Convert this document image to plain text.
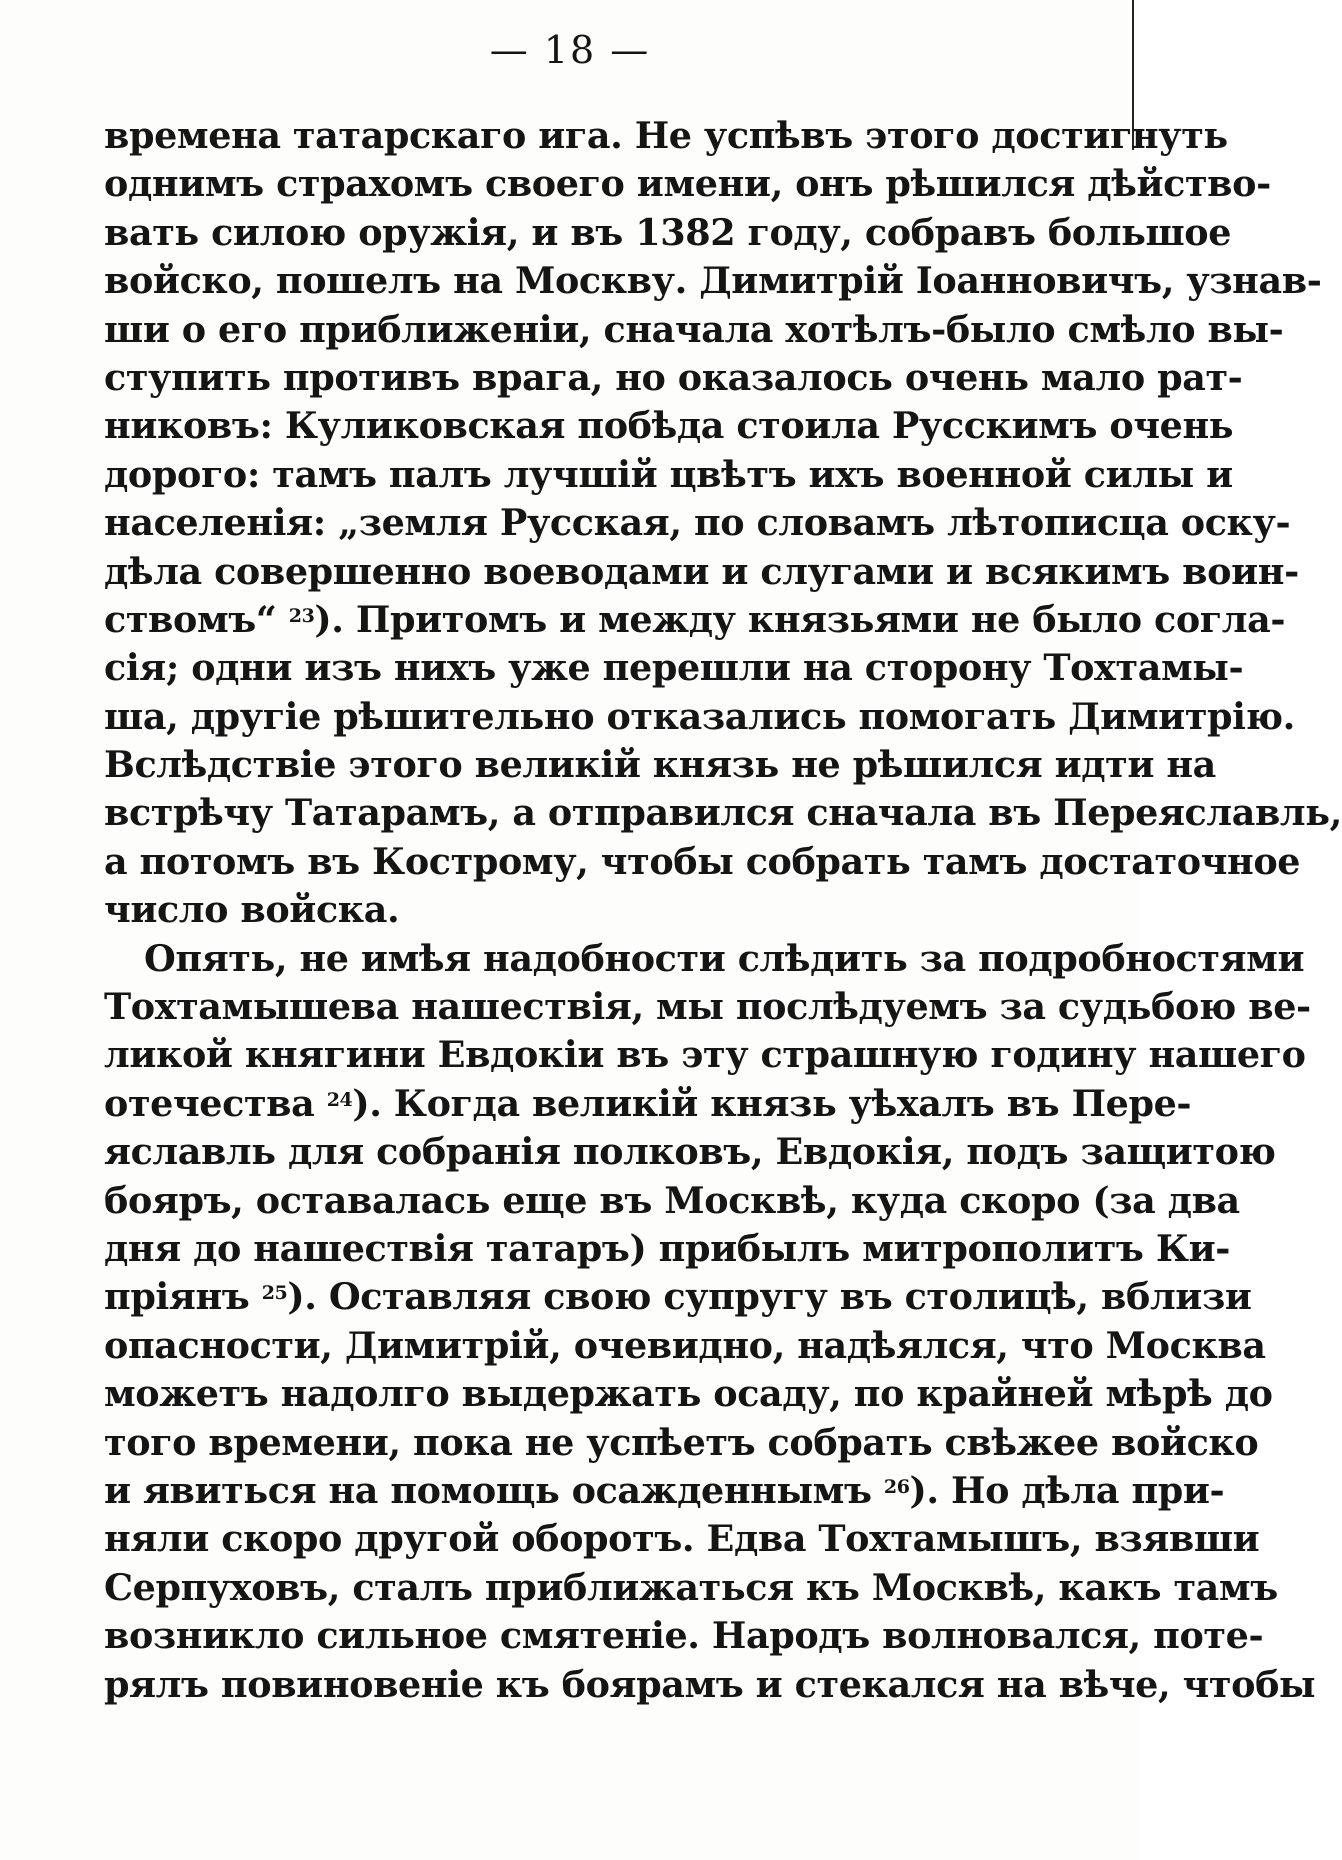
— 18 —
времена татарскаго ига. Не успѣвъ этого достигнуть
однимъ страхомъ своего имени, онъ рѣшился дѣйство-
вать силою оружія, и въ 1382 году, собравъ большое
войско, пошелъ на Москву. Димитрій Іоанновичъ, узнав-
ши о его приближеніи, сначала хотѣлъ-было смѣло вы-
ступить противъ врага, но оказалось очень мало рат-
никовъ: Куликовская побѣда стоила Русскимъ очень
дорого: тамъ палъ лучшій цвѣтъ ихъ военной силы и
населенія: „земля Русская, по словамъ лѣтописца оску-
дѣла совершенно воеводами и слугами и всякимъ воин-
ствомъ“ $^{23}$). Притомъ и между князьями не было согла-
сія; одни изъ нихъ уже перешли на сторону Тохтамы-
ша, другіе рѣшительно отказались помогать Димитрію.
Вслѣдствіе этого великій князь не рѣшился идти на
встрѣчу Татарамъ, а отправился сначала въ Переяславль,
а потомъ въ Кострому, чтобы собрать тамъ достаточное
число войска.
Опять, не имѣя надобности слѣдить за подробностями
Тохтамышева нашествія, мы послѣдуемъ за судьбою ве-
ликой княгини Евдокіи въ эту страшную годину нашего
отечества $^{24}$). Когда великій князь уѣхалъ въ Пере-
яславль для собранія полковъ, Евдокія, подъ защитою
бояръ, оставалась еще въ Москвѣ, куда скоро (за два
дня до нашествія татаръ) прибылъ митрополитъ Ки-
пріянъ $^{25}$). Оставляя свою супругу въ столицѣ, вблизи
опасности, Димитрій, очевидно, надѣялся, что Москва
можетъ надолго выдержать осаду, по крайней мѣрѣ до
того времени, пока не успѣетъ собрать свѣжее войско
и явиться на помощь осажденнымъ $^{26}$). Но дѣла при-
няли скоро другой оборотъ. Едва Тохтамышъ, взявши
Серпуховъ, сталъ приближаться къ Москвѣ, какъ тамъ
возникло сильное смятеніе. Народъ волновался, поте-
рялъ повиновеніе къ боярамъ и стекался на вѣче, чтобы
